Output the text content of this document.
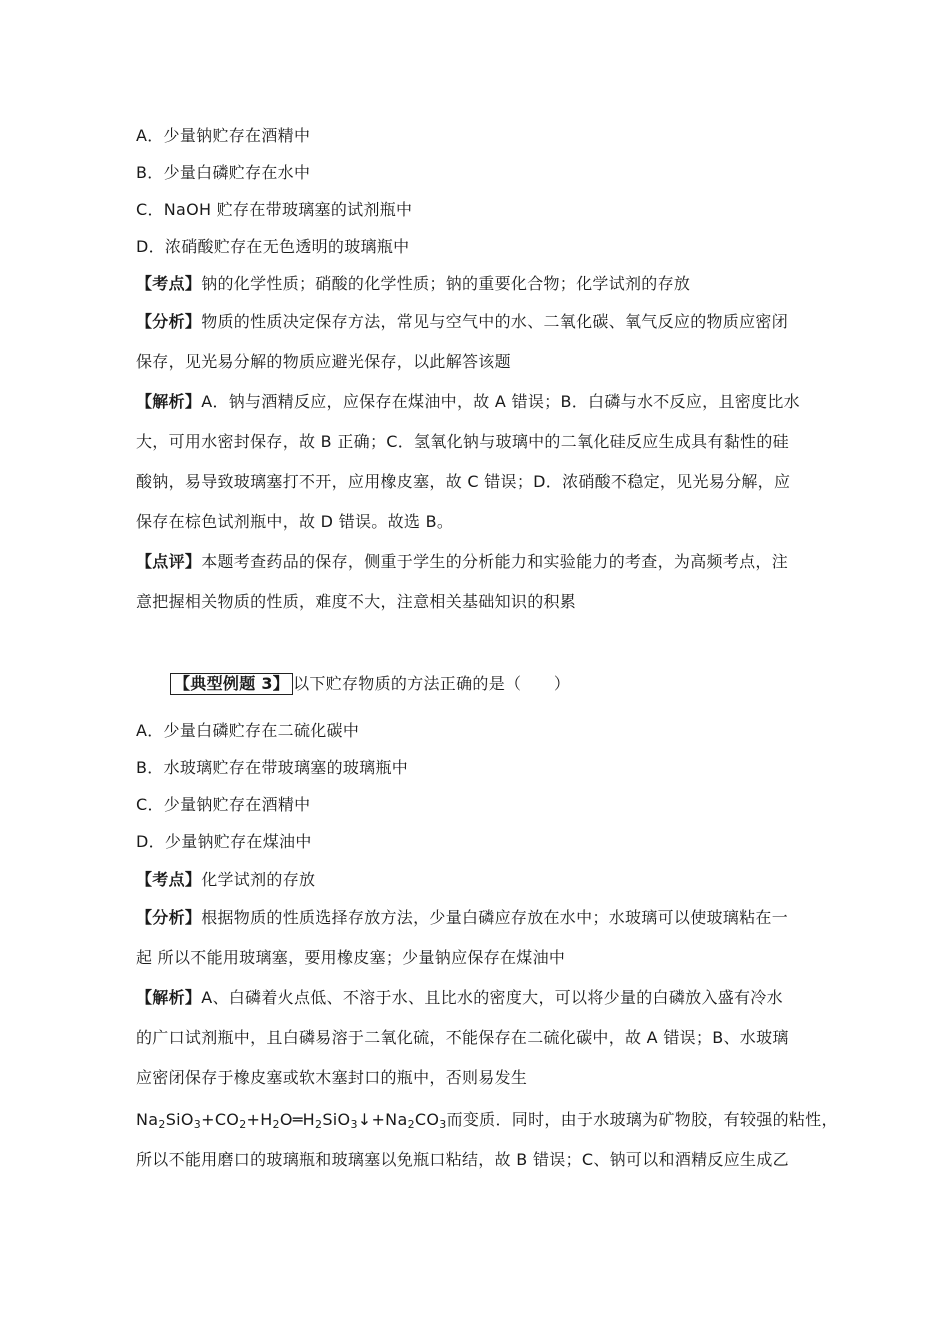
A．少量钠贮存在酒精中
B．少量白磷贮存在水中
C．NaOH 贮存在带玻璃塞的试剂瓶中
D．浓硝酸贮存在无色透明的玻璃瓶中
【考点】钠的化学性质；硝酸的化学性质；钠的重要化合物；化学试剂的存放
【分析】物质的性质决定保存方法，常见与空气中的水、二氧化碳、氧气反应的物质应密闭
保存，见光易分解的物质应避光保存，以此解答该题
【解析】A．钠与酒精反应，应保存在煤油中，故 A 错误；B．白磷与水不反应，且密度比水
大，可用水密封保存，故 B 正确；C．氢氧化钠与玻璃中的二氧化硅反应生成具有黏性的硅
酸钠，易导致玻璃塞打不开，应用橡皮塞，故 C 错误；D．浓硝酸不稳定，见光易分解，应
保存在棕色试剂瓶中，故 D 错误。故选 B。
【点评】本题考查药品的保存，侧重于学生的分析能力和实验能力的考查，为高频考点，注
意把握相关物质的性质，难度不大，注意相关基础知识的积累
【典型例题 3】 以下贮存物质的方法正确的是（　　）
A．少量白磷贮存在二硫化碳中
B．水玻璃贮存在带玻璃塞的玻璃瓶中
C．少量钠贮存在酒精中
D．少量钠贮存在煤油中
【考点】化学试剂的存放
【分析】根据物质的性质选择存放方法，少量白磷应存放在水中；水玻璃可以使玻璃粘在一
起 所以不能用玻璃塞，要用橡皮塞；少量钠应保存在煤油中
【解析】A、白磷着火点低、不溶于水、且比水的密度大，可以将少量的白磷放入盛有冷水
的广口试剂瓶中，且白磷易溶于二氧化硫，不能保存在二硫化碳中，故 A 错误；B、水玻璃
应密闭保存于橡皮塞或软木塞封口的瓶中，否则易发生
$Na_2SiO_3+CO_2+H_2O═H_2SiO_3↓+Na_2CO_3$而变质．同时，由于水玻璃为矿物胶，有较强的粘性，
所以不能用磨口的玻璃瓶和玻璃塞以免瓶口粘结，故 B 错误；C、钠可以和酒精反应生成乙
